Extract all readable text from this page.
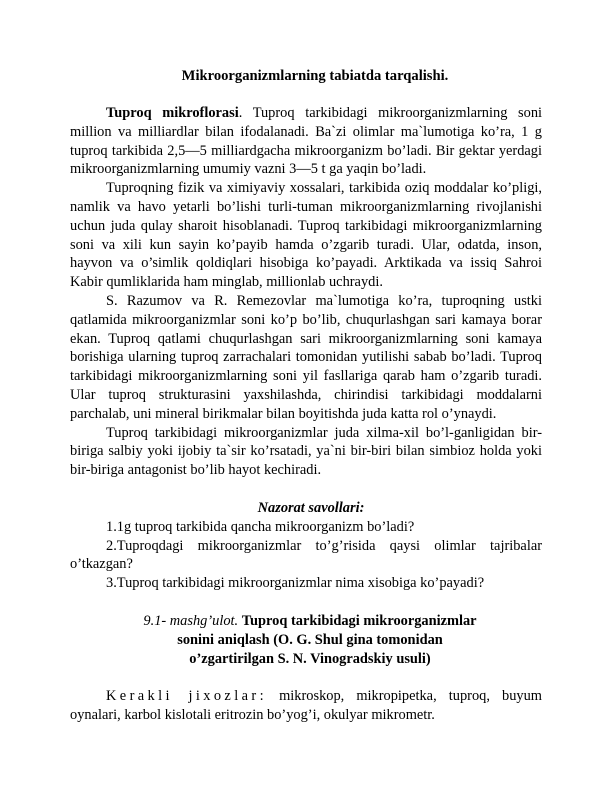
Mikroorganizmlarning tabiatda tarqalishi.

Tuproq mikroflorasi. Tuproq tarkibidagi mikroorganizmlarning soni million va milliardlar bilan ifodalanadi. Ba`zi olimlar ma`lumotiga ko’ra, 1 g tuproq tarkibida 2,5—5 milliardgacha mikroorganizm bo’ladi. Bir gektar yerdagi mikroorganizmlarning umumiy vazni 3—5 t ga yaqin bo’ladi.

Tuproqning fizik va ximiyaviy xossalari, tarkibida oziq moddalar ko’pligi, namlik va havo yetarli bo’lishi turli-tuman mikroorganizmlarning rivojlanishi uchun juda qulay sharoit hisoblanadi. Tuproq tarkibidagi mikroorganizmlarning soni va xili kun sayin ko’payib hamda o’zgarib turadi. Ular, odatda, inson, hayvon va o’simlik qoldiqlari hisobiga ko’payadi. Arktikada va issiq Sahroi Kabir qumliklarida ham minglab, millionlab uchraydi.

S. Razumov va R. Remezovlar ma`lumotiga ko’ra, tuproqning ustki qatlamida mikroorganizmlar soni ko’p bo’lib, chuqurlashgan sari kamaya borar ekan. Tuproq qatlami chuqurlashgan sari mikroorganizmlarning soni kamaya borishiga ularning tuproq zarrachalari tomonidan yutilishi sabab bo’ladi. Tuproq tarkibidagi mikroorganizmlarning soni yil fasllariga qarab ham o’zgarib turadi. Ular tuproq strukturasini yaxshilashda, chirindisi tarkibidagi moddalarni parchalab, uni mineral birikmalar bilan boyitishda juda katta rol o’ynaydi.

Tuproq tarkibidagi mikroorganizmlar juda xilma-xil bo’l-ganligidan bir-biriga salbiy yoki ijobiy ta`sir ko’rsatadi, ya`ni bir-biri bilan simbioz holda yoki bir-biriga antagonist bo’lib hayot kechiradi.

Nazorat savollari:

1.1g tuproq tarkibida qancha mikroorganizm bo’ladi?

2.Tuproqdagi mikroorganizmlar to’g’risida qaysi olimlar tajribalar o’tkazgan?

3.Tuproq tarkibidagi mikroorganizmlar nima xisobiga ko’payadi?

9.1- mashg’ulot. Tuproq tarkibidagi mikroorganizmlar
sonini aniqlash (O. G. Shul gina tomonidan
o’zgartirilgan S. N. Vinogradskiy usuli)

Kerakli jixozlar: mikroskop, mikropipetka, tuproq, buyum oynalari, karbol kislotali eritrozin bo’yog’i, okulyar mikrometr.
